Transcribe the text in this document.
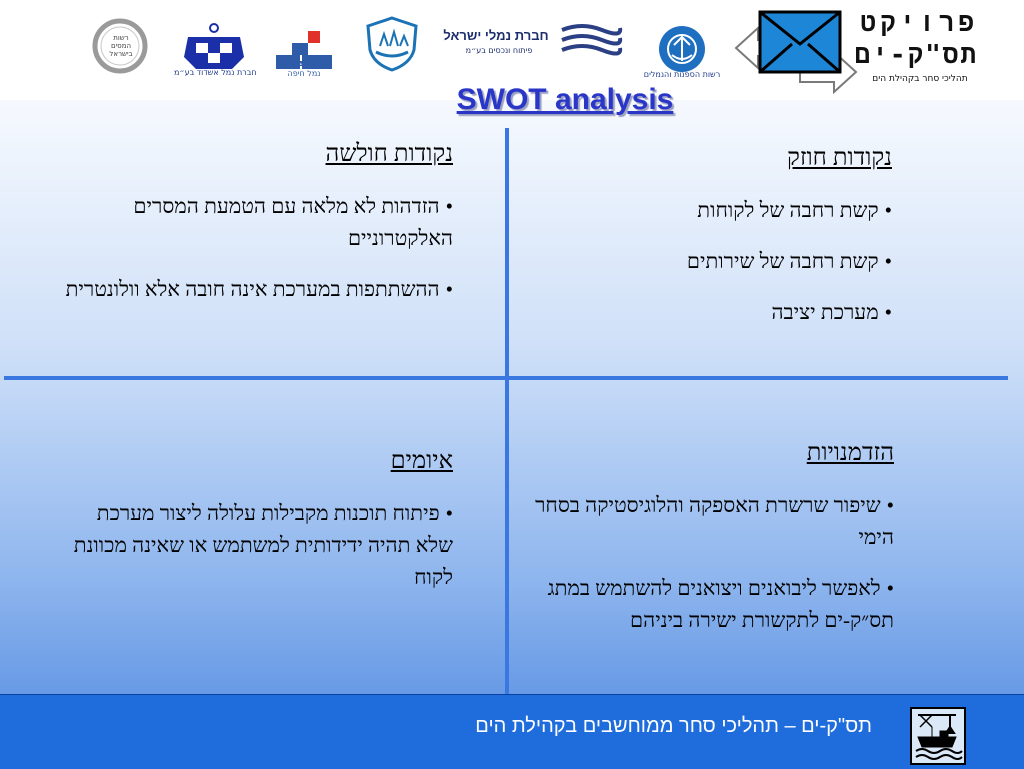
רשות
המסים
בישראל
חברת נמל אשדוד בע״מ
HAIFA PORT
נמל חיפה
חברת נמלי ישראל
פיתוח ונכסים בע״מ
רשות הספנות והנמלים
פרויקט
תס"ק-ים
תהליכי סחר בקהילת הים
SWOT analysis
נקודות חוזק
•קשת רחבה של לקוחות
•קשת רחבה של שירותים
•מערכת יציבה
נקודות חולשה
•הזדהות לא מלאה עם הטמעת המסרים האלקטרוניים
•ההשתתפות במערכת אינה חובה אלא וולונטרית
הזדמנויות
•שיפור שרשרת האספקה והלוגיסטיקה בסחר הימי
•לאפשר ליבואנים ויצואנים להשתמש במתג תס״ק-ים לתקשורת ישירה ביניהם
איומים
•פיתוח תוכנות מקבילות עלולה ליצור מערכת שלא תהיה ידידותית למשתמש או שאינה מכוונת לקוח
תס"ק-ים – תהליכי סחר ממוחשבים בקהילת הים
